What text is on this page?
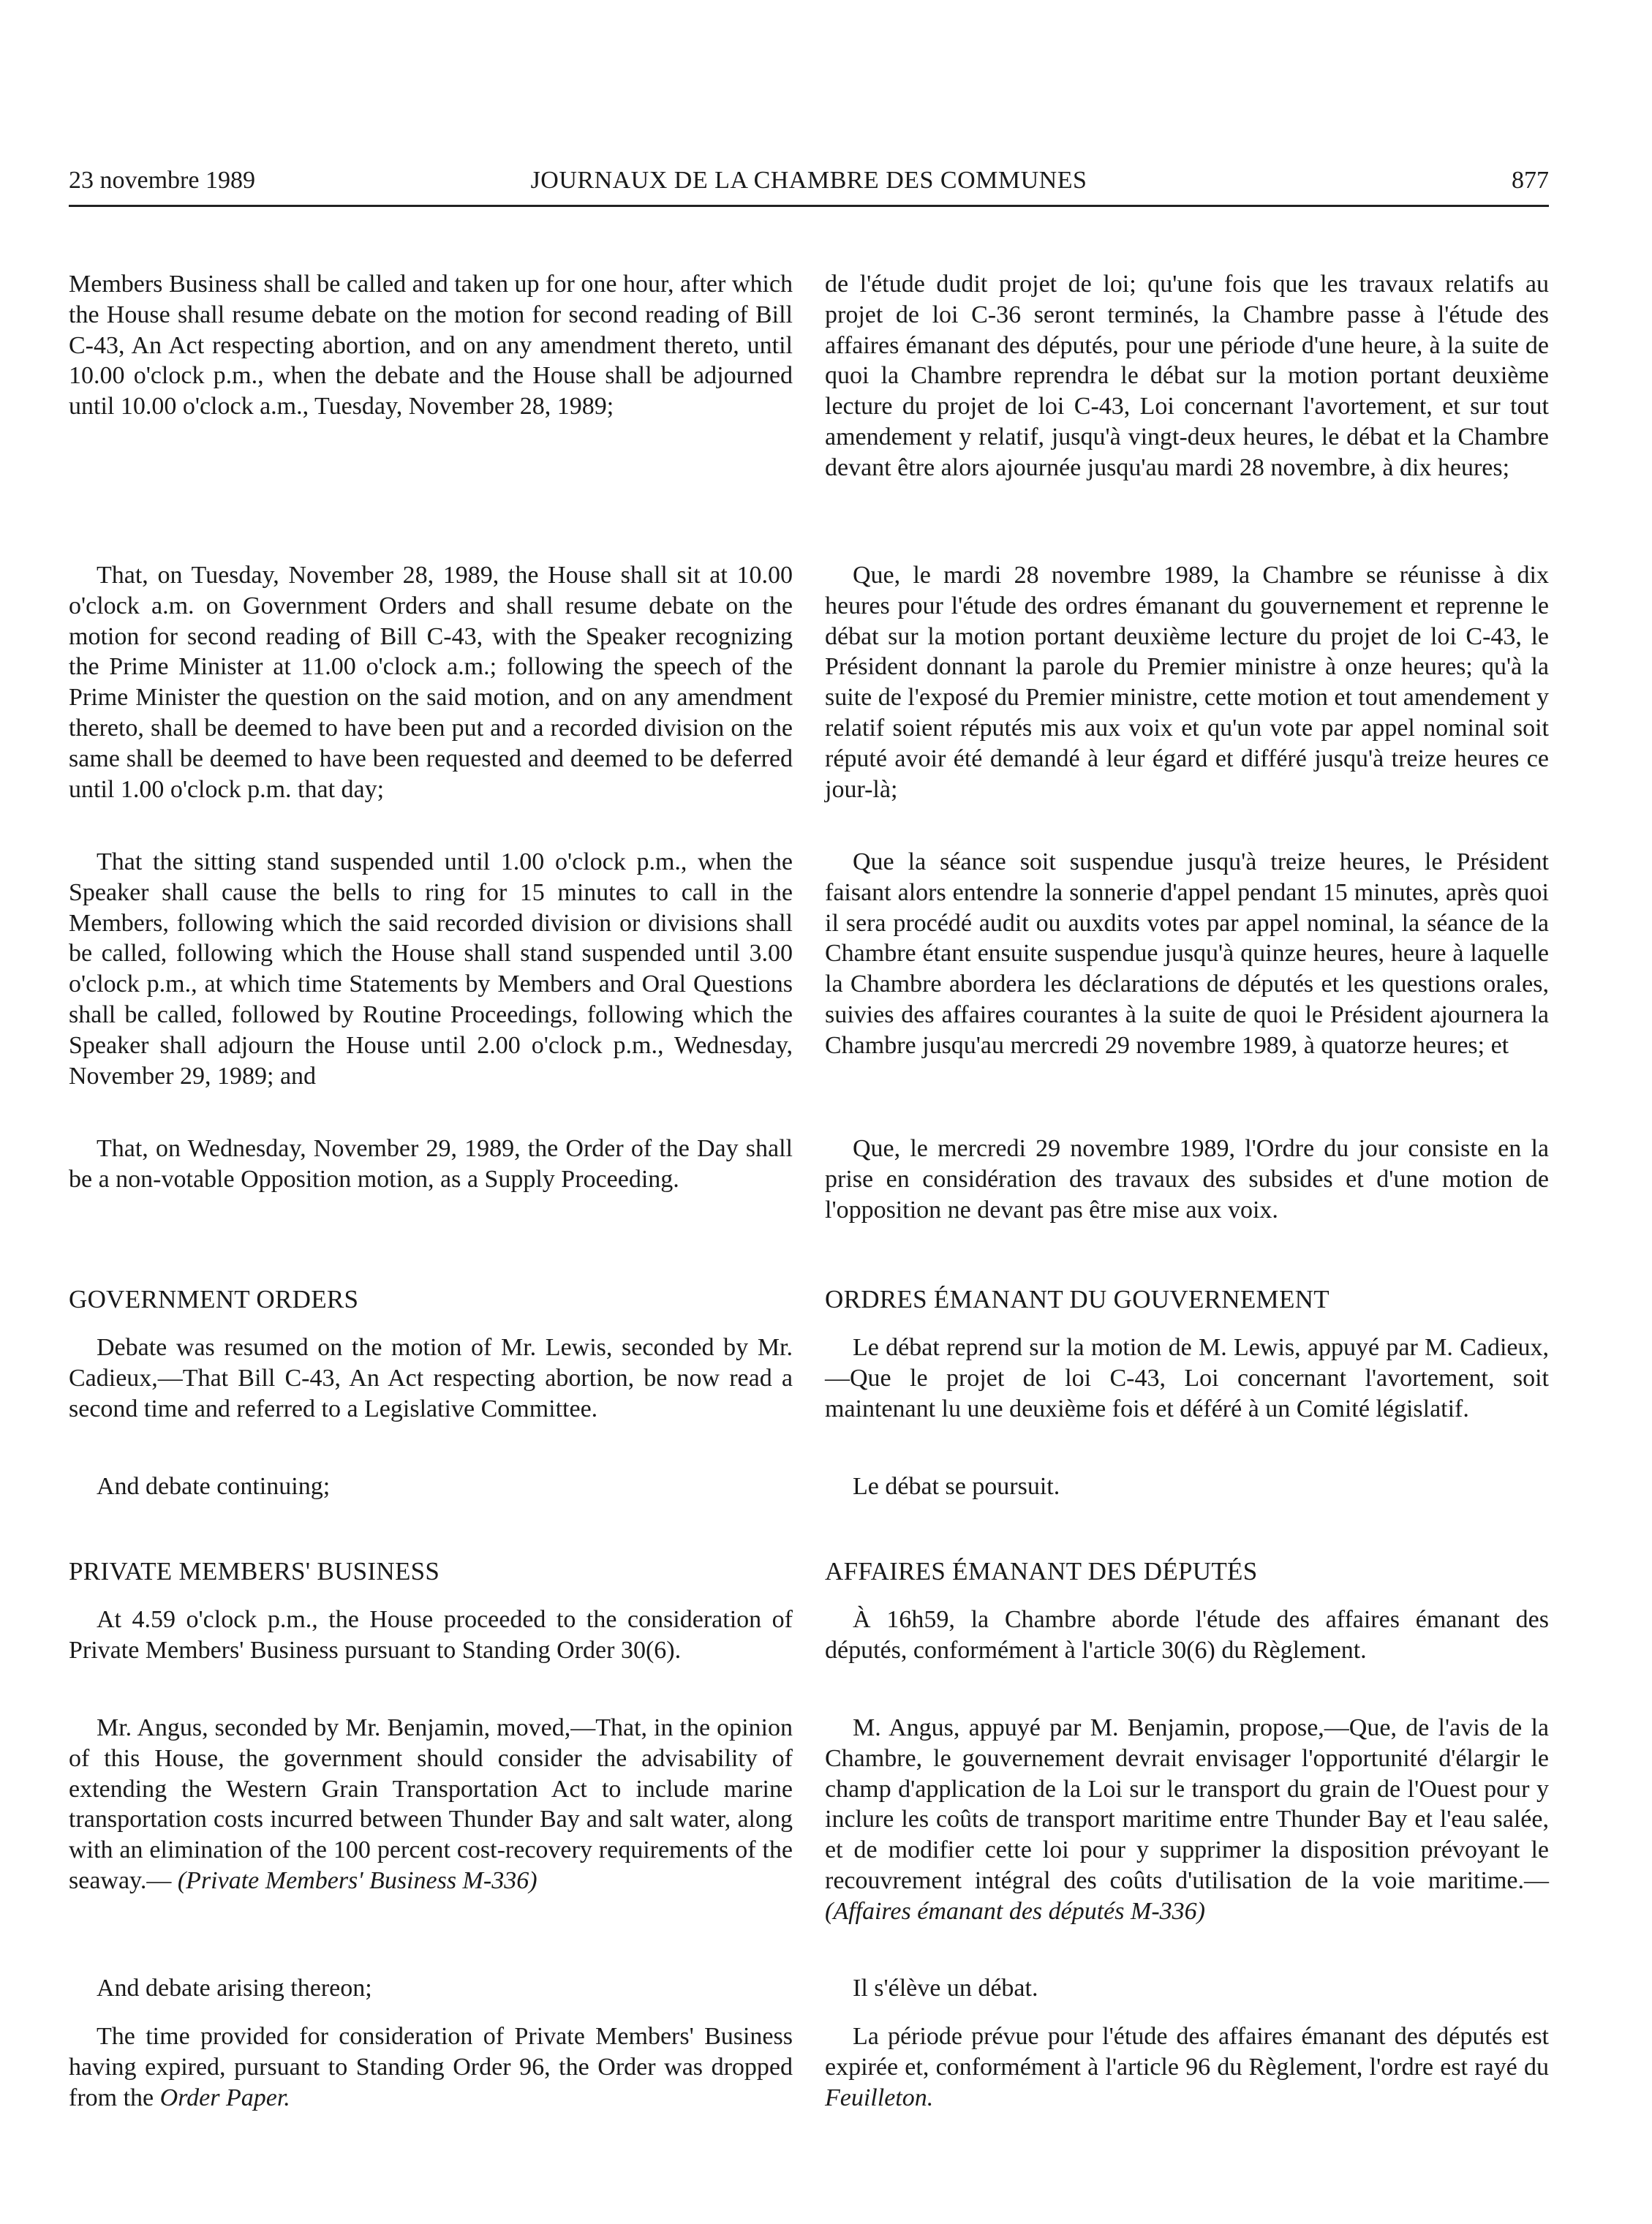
23 novembre 1989	JOURNAUX DE LA CHAMBRE DES COMMUNES	877

Members Business shall be called and taken up for one hour, after which the House shall resume debate on the motion for second reading of Bill C-43, An Act respecting abortion, and on any amendment thereto, until 10.00 o'clock p.m., when the debate and the House shall be adjourned until 10.00 o'clock a.m., Tuesday, November 28, 1989;

That, on Tuesday, November 28, 1989, the House shall sit at 10.00 o'clock a.m. on Government Orders and shall resume debate on the motion for second reading of Bill C-43, with the Speaker recognizing the Prime Minister at 11.00 o'clock a.m.; following the speech of the Prime Minister the question on the said motion, and on any amendment thereto, shall be deemed to have been put and a recorded division on the same shall be deemed to have been requested and deemed to be deferred until 1.00 o'clock p.m. that day;

That the sitting stand suspended until 1.00 o'clock p.m., when the Speaker shall cause the bells to ring for 15 minutes to call in the Members, following which the said recorded division or divisions shall be called, following which the House shall stand suspended until 3.00 o'clock p.m., at which time Statements by Members and Oral Questions shall be called, followed by Routine Proceedings, following which the Speaker shall adjourn the House until 2.00 o'clock p.m., Wednesday, November 29, 1989; and

That, on Wednesday, November 29, 1989, the Order of the Day shall be a non-votable Opposition motion, as a Supply Proceeding.

GOVERNMENT ORDERS

Debate was resumed on the motion of Mr. Lewis, seconded by Mr. Cadieux,—That Bill C-43, An Act respecting abortion, be now read a second time and referred to a Legislative Committee.

And debate continuing;

PRIVATE MEMBERS' BUSINESS

At 4.59 o'clock p.m., the House proceeded to the consideration of Private Members' Business pursuant to Standing Order 30(6).

Mr. Angus, seconded by Mr. Benjamin, moved,—That, in the opinion of this House, the government should consider the advisability of extending the Western Grain Transportation Act to include marine transportation costs incurred between Thunder Bay and salt water, along with an elimination of the 100 percent cost-recovery requirements of the seaway.— (Private Members' Business M-336)

And debate arising thereon;

The time provided for consideration of Private Members' Business having expired, pursuant to Standing Order 96, the Order was dropped from the Order Paper.

de l'étude dudit projet de loi; qu'une fois que les travaux relatifs au projet de loi C-36 seront terminés, la Chambre passe à l'étude des affaires émanant des députés, pour une période d'une heure, à la suite de quoi la Chambre reprendra le débat sur la motion portant deuxième lecture du projet de loi C-43, Loi concernant l'avortement, et sur tout amendement y relatif, jusqu'à vingt-deux heures, le débat et la Chambre devant être alors ajournée jusqu'au mardi 28 novembre, à dix heures;

Que, le mardi 28 novembre 1989, la Chambre se réunisse à dix heures pour l'étude des ordres émanant du gouvernement et reprenne le débat sur la motion portant deuxième lecture du projet de loi C-43, le Président donnant la parole du Premier ministre à onze heures; qu'à la suite de l'exposé du Premier ministre, cette motion et tout amendement y relatif soient réputés mis aux voix et qu'un vote par appel nominal soit réputé avoir été demandé à leur égard et différé jusqu'à treize heures ce jour-là;

Que la séance soit suspendue jusqu'à treize heures, le Président faisant alors entendre la sonnerie d'appel pendant 15 minutes, après quoi il sera procédé audit ou auxdits votes par appel nominal, la séance de la Chambre étant ensuite suspendue jusqu'à quinze heures, heure à laquelle la Chambre abordera les déclarations de députés et les questions orales, suivies des affaires courantes à la suite de quoi le Président ajournera la Chambre jusqu'au mercredi 29 novembre 1989, à quatorze heures; et

Que, le mercredi 29 novembre 1989, l'Ordre du jour consiste en la prise en considération des travaux des subsides et d'une motion de l'opposition ne devant pas être mise aux voix.

ORDRES ÉMANANT DU GOUVERNEMENT

Le débat reprend sur la motion de M. Lewis, appuyé par M. Cadieux,—Que le projet de loi C-43, Loi concernant l'avortement, soit maintenant lu une deuxième fois et déféré à un Comité législatif.

Le débat se poursuit.

AFFAIRES ÉMANANT DES DÉPUTÉS

À 16h59, la Chambre aborde l'étude des affaires émanant des députés, conformément à l'article 30(6) du Règlement.

M. Angus, appuyé par M. Benjamin, propose,—Que, de l'avis de la Chambre, le gouvernement devrait envisager l'opportunité d'élargir le champ d'application de la Loi sur le transport du grain de l'Ouest pour y inclure les coûts de transport maritime entre Thunder Bay et l'eau salée, et de modifier cette loi pour y supprimer la disposition prévoyant le recouvrement intégral des coûts d'utilisation de la voie maritime.—(Affaires émanant des députés M-336)

Il s'élève un débat.

La période prévue pour l'étude des affaires émanant des députés est expirée et, conformément à l'article 96 du Règlement, l'ordre est rayé du Feuilleton.
